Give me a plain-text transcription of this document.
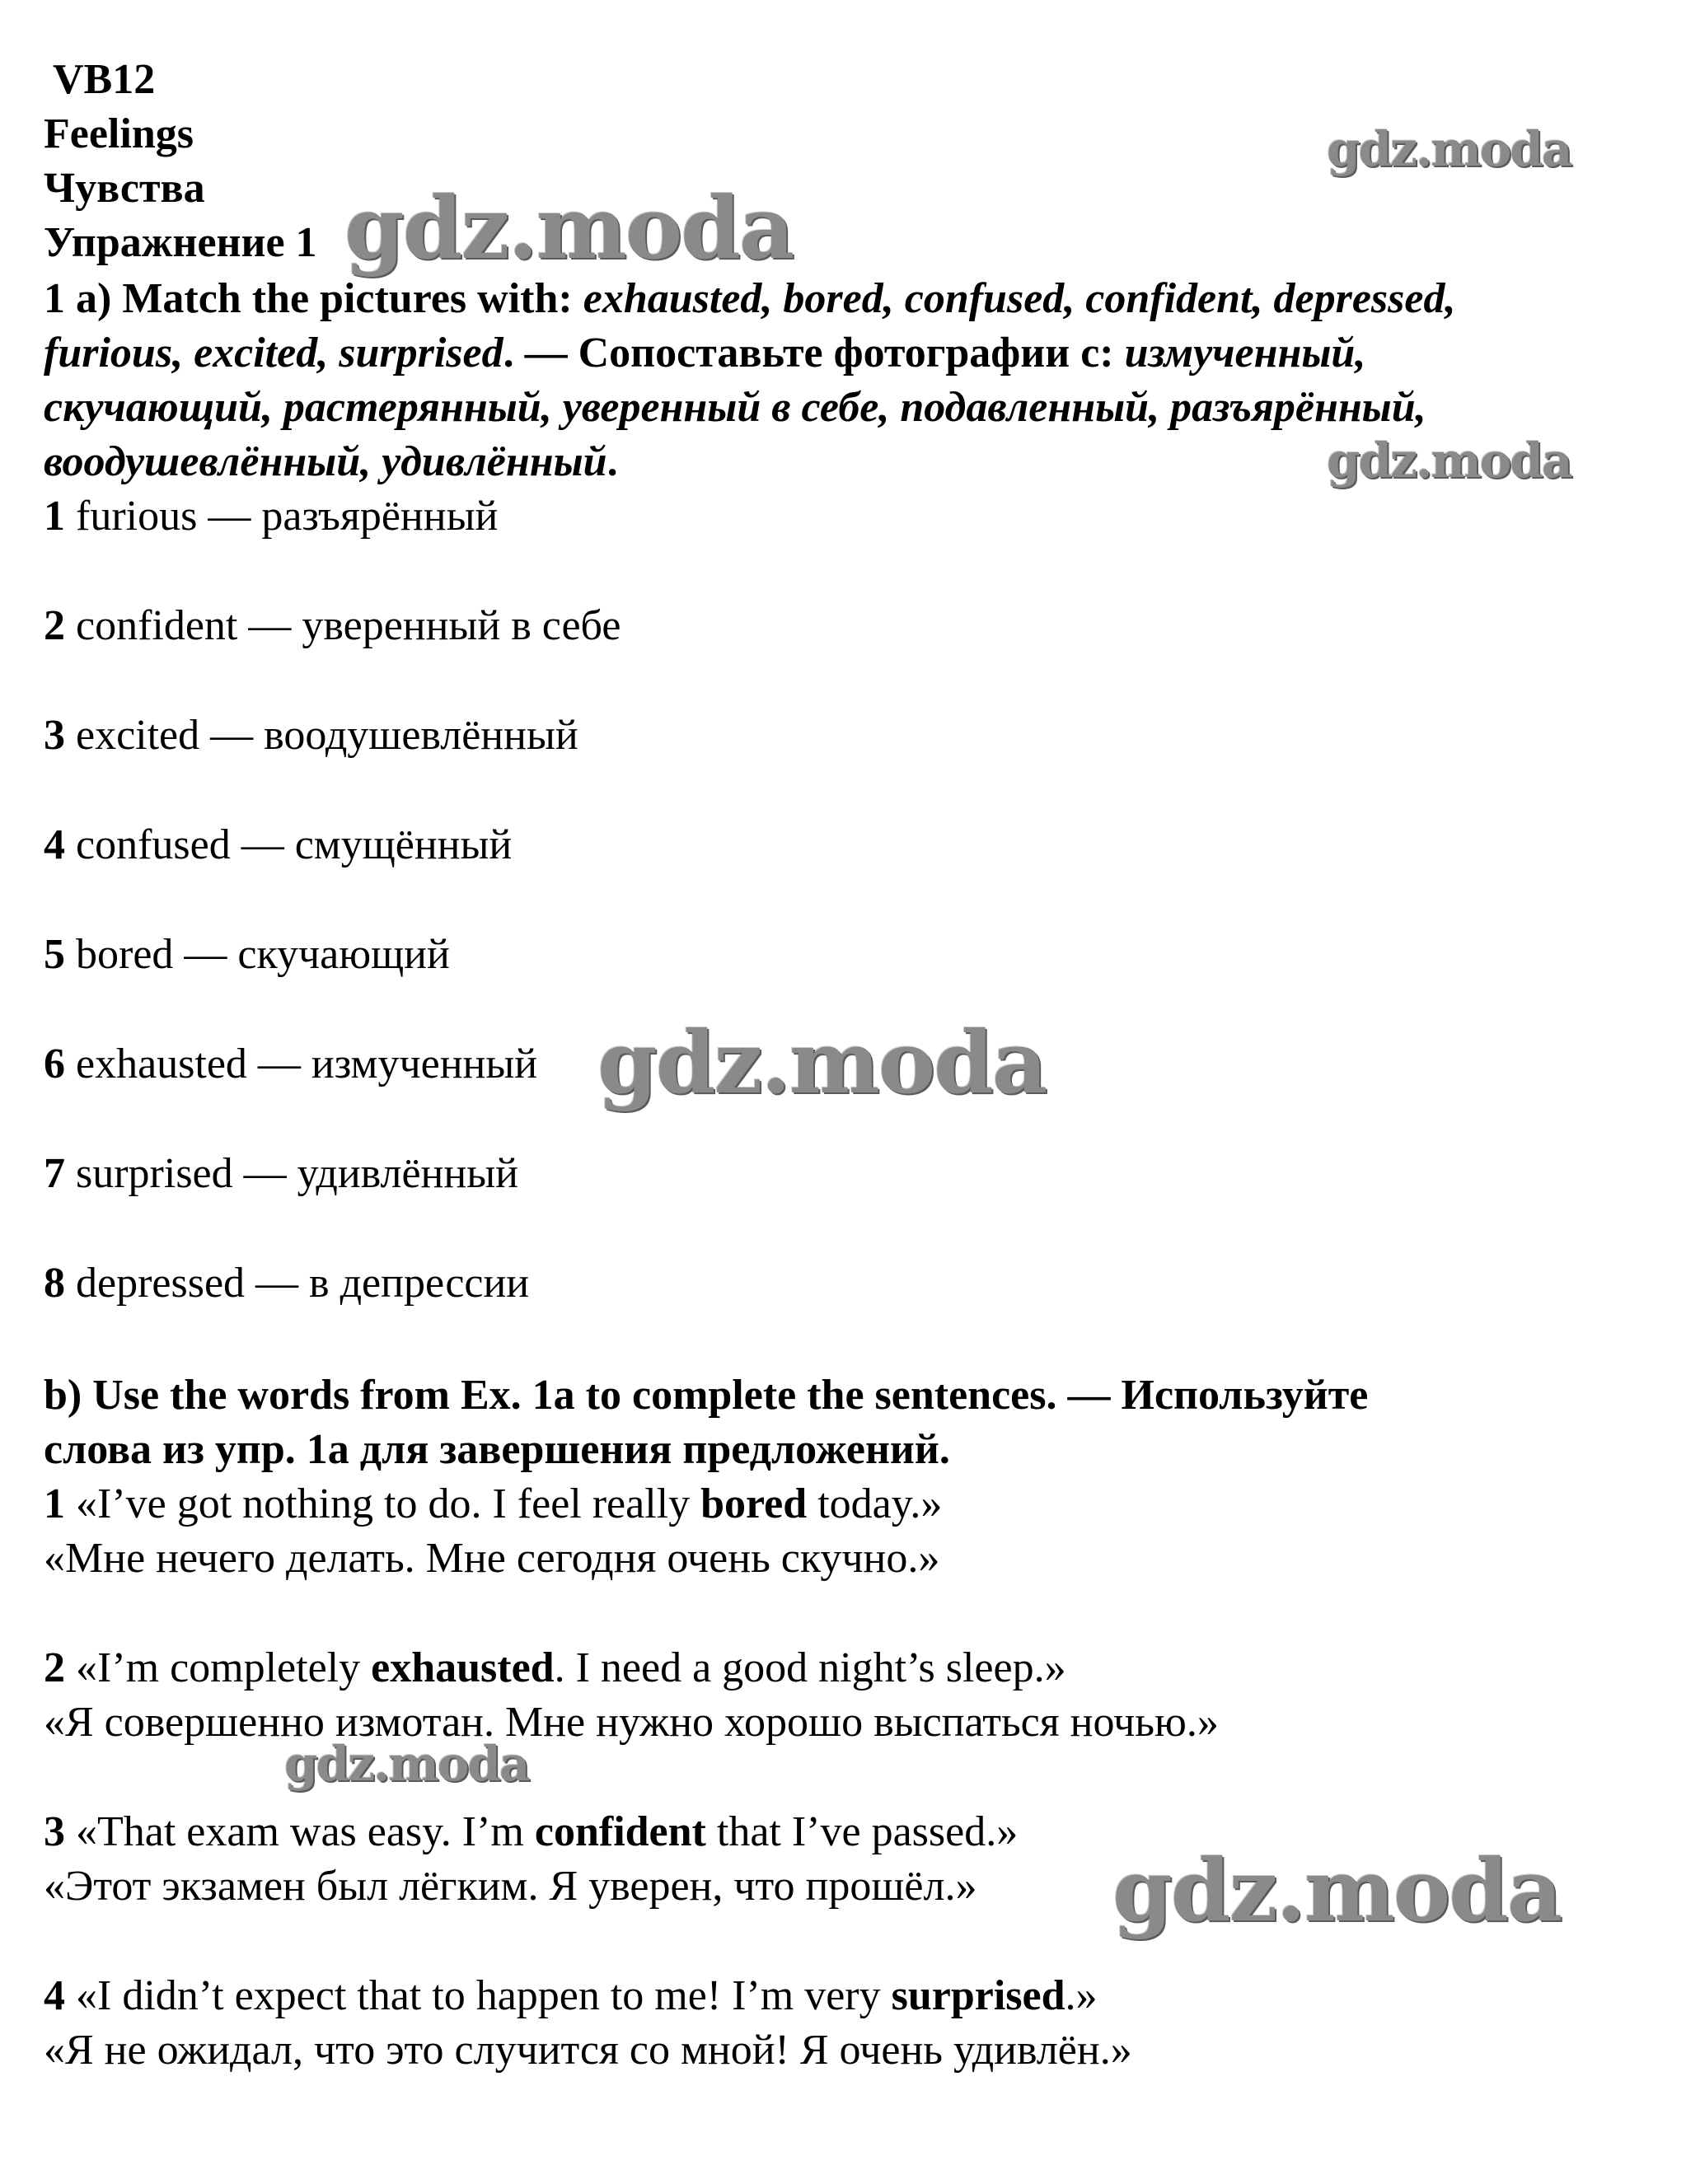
VB12
Feelings
Чувства
Упражнение 1
1 a) Match the pictures with: exhausted, bored, confused, confident, depressed,
furious, excited, surprised. — Сопоставьте фотографии с: измученный,
скучающий, растерянный, уверенный в себе, подавленный, разъярённый,
воодушевлённый, удивлённый.
1 furious — разъярённый
2 confident — уверенный в себе
3 excited — воодушевлённый
4 confused — смущённый
5 bored — скучающий
6 exhausted — измученный
7 surprised — удивлённый
8 depressed — в депрессии
b) Use the words from Ex. 1a to complete the sentences. — Используйте
слова из упр. 1a для завершения предложений.
1 «I’ve got nothing to do. I feel really bored today.»
«Мне нечего делать. Мне сегодня очень скучно.»
2 «I’m completely exhausted. I need a good night’s sleep.»
«Я совершенно измотан. Мне нужно хорошо выспаться ночью.»
3 «That exam was easy. I’m confident that I’ve passed.»
«Этот экзамен был лёгким. Я уверен, что прошёл.»
4 «I didn’t expect that to happen to me! I’m very surprised.»
«Я не ожидал, что это случится со мной! Я очень удивлён.»
gdz.moda
gdz.moda
gdz.moda
gdz.moda
gdz.moda
gdz.moda
